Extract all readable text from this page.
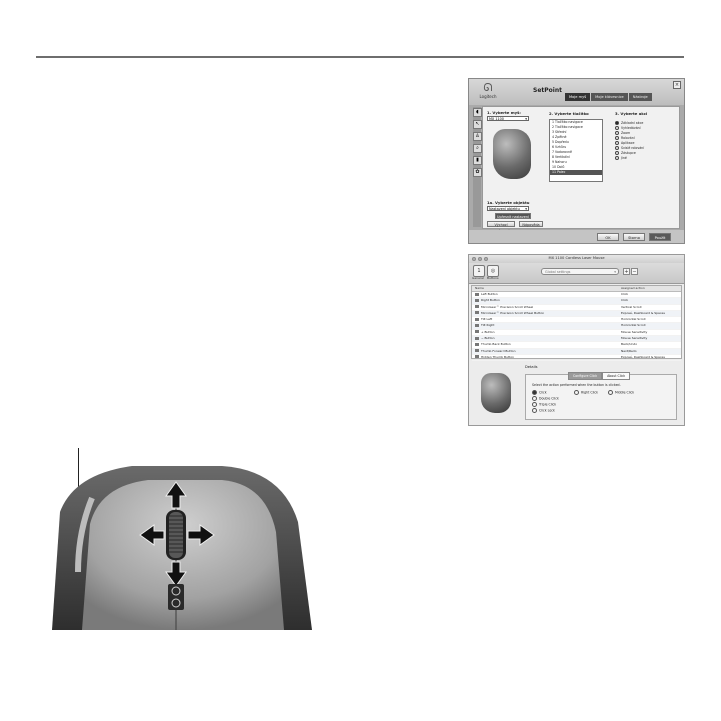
ᘏ
Logitech
SetPoint
×
Moje myš	Moje klávesnice	Nástroje
◖
↖
♙
⌕
▮
✿
1. Vyberte myš:
MX 1100 ▾
2. Vyberte tlačítko
1 Tlačítko navigace
2 Tlačítko navigace
3 Střední
4 Zpětné
5 Dopředu
6 Vzhůru
7 Vodorovně
8 Vertikální
9 Nahoru
10 Dolů
11 Palec
3. Vyberte akci
Základní akce
Vyhledávání
Zoom
Rolování
Aplikace
Svislé rolování
Zástupce
Jiné
1a. Vyberte objektu
Nastavení objektu ▾
Upřesnit nastavení
Výchozí	Nápověda
OK	Storno	Použít
MX 1100 Cordless Laser Mouse
1
General
◎
Buttons
Global settings ▾	+ −
Name	Assigned action
Left Button	Click
Right Button	Click
MicroGear™ Precision Scroll Wheel	Vertical Scroll
MicroGear™ Precision Scroll Wheel Button	Exposé, Dashboard & Spaces
Tilt Left	Horizontal Scroll
Tilt Right	Horizontal Scroll
+ Button	Mouse Sensitivity
− Button	Mouse Sensitivity
Thumb Back Button	Back/Undo
Thumb Forward Button	Next/Redo
Hidden Thumb Button	Exposé, Dashboard & Spaces
Details
Configure Click	About Click
Select the action performed when the button is clicked.
Click	Right Click	Middle Click
Double Click
Triple Click
Click Lock
